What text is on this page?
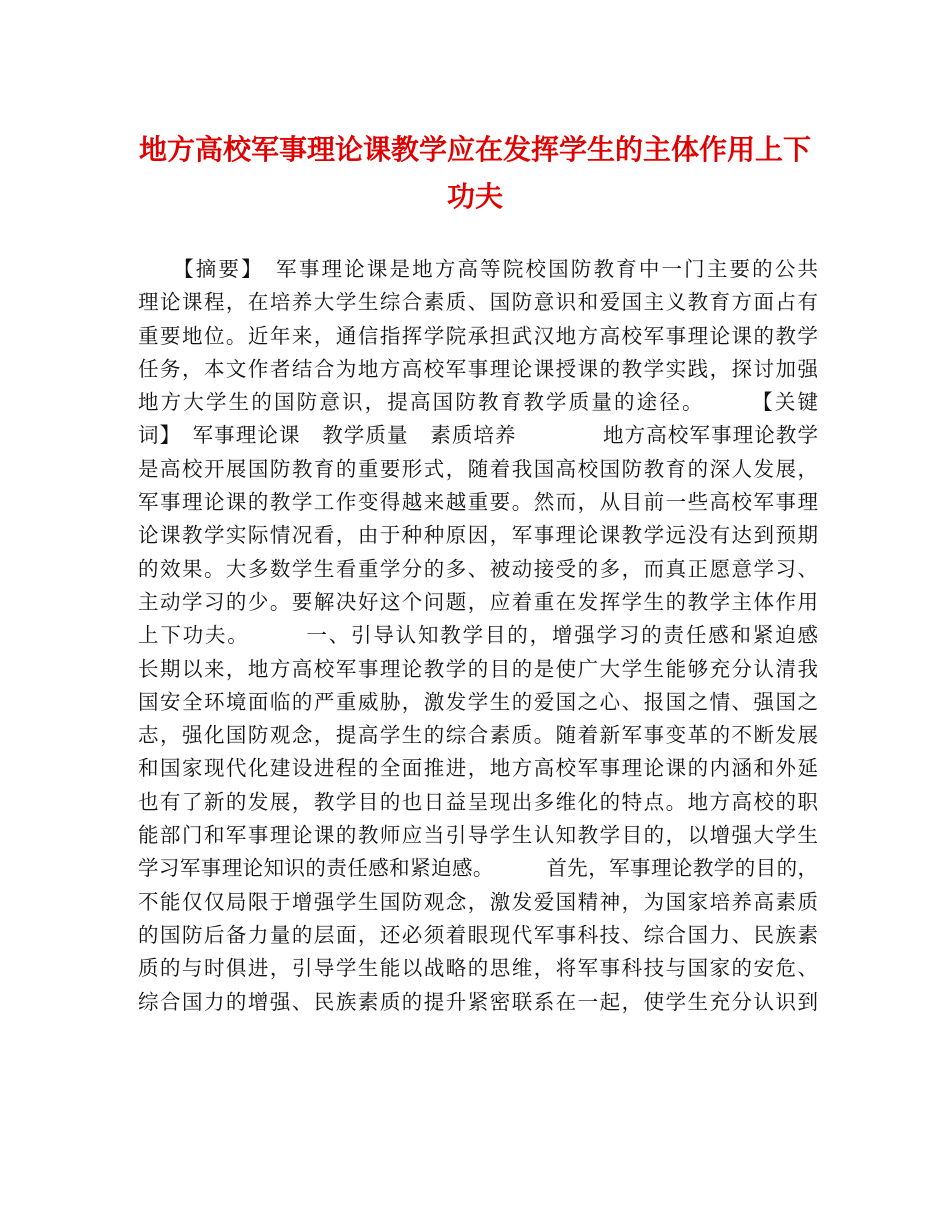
地方高校军事理论课教学应在发挥学生的主体作用上下
功夫
　　【摘要】　军事理论课是地方高等院校国防教育中一门主要的公共
理论课程，在培养大学生综合素质、国防意识和爱国主义教育方面占有
重要地位。近年来，通信指挥学院承担武汉地方高校军事理论课的教学
任务，本文作者结合为地方高校军事理论课授课的教学实践，探讨加强
地方大学生的国防意识，提高国防教育教学质量的途径。　　　【关键
词】　军事理论课　教学质量　素质培养　　　　地方高校军事理论教学
是高校开展国防教育的重要形式，随着我国高校国防教育的深人发展，
军事理论课的教学工作变得越来越重要。然而，从目前一些高校军事理
论课教学实际情况看，由于种种原因，军事理论课教学远没有达到预期
的效果。大多数学生看重学分的多、被动接受的多，而真正愿意学习、
主动学习的少。要解决好这个问题，应着重在发挥学生的教学主体作用
上下功夫。　　　一、引导认知教学目的，增强学习的责任感和紧迫感
长期以来，地方高校军事理论教学的目的是使广大学生能够充分认清我
国安全环境面临的严重威胁，激发学生的爱国之心、报国之情、强国之
志，强化国防观念，提高学生的综合素质。随着新军事变革的不断发展
和国家现代化建设进程的全面推进，地方高校军事理论课的内涵和外延
也有了新的发展，教学目的也日益呈现出多维化的特点。地方高校的职
能部门和军事理论课的教师应当引导学生认知教学目的，以增强大学生
学习军事理论知识的责任感和紧迫感。　　　首先，军事理论教学的目的，
不能仅仅局限于增强学生国防观念，激发爱国精神，为国家培养高素质
的国防后备力量的层面，还必须着眼现代军事科技、综合国力、民族素
质的与时俱进，引导学生能以战略的思维，将军事科技与国家的安危、
综合国力的增强、民族素质的提升紧密联系在一起，使学生充分认识到
